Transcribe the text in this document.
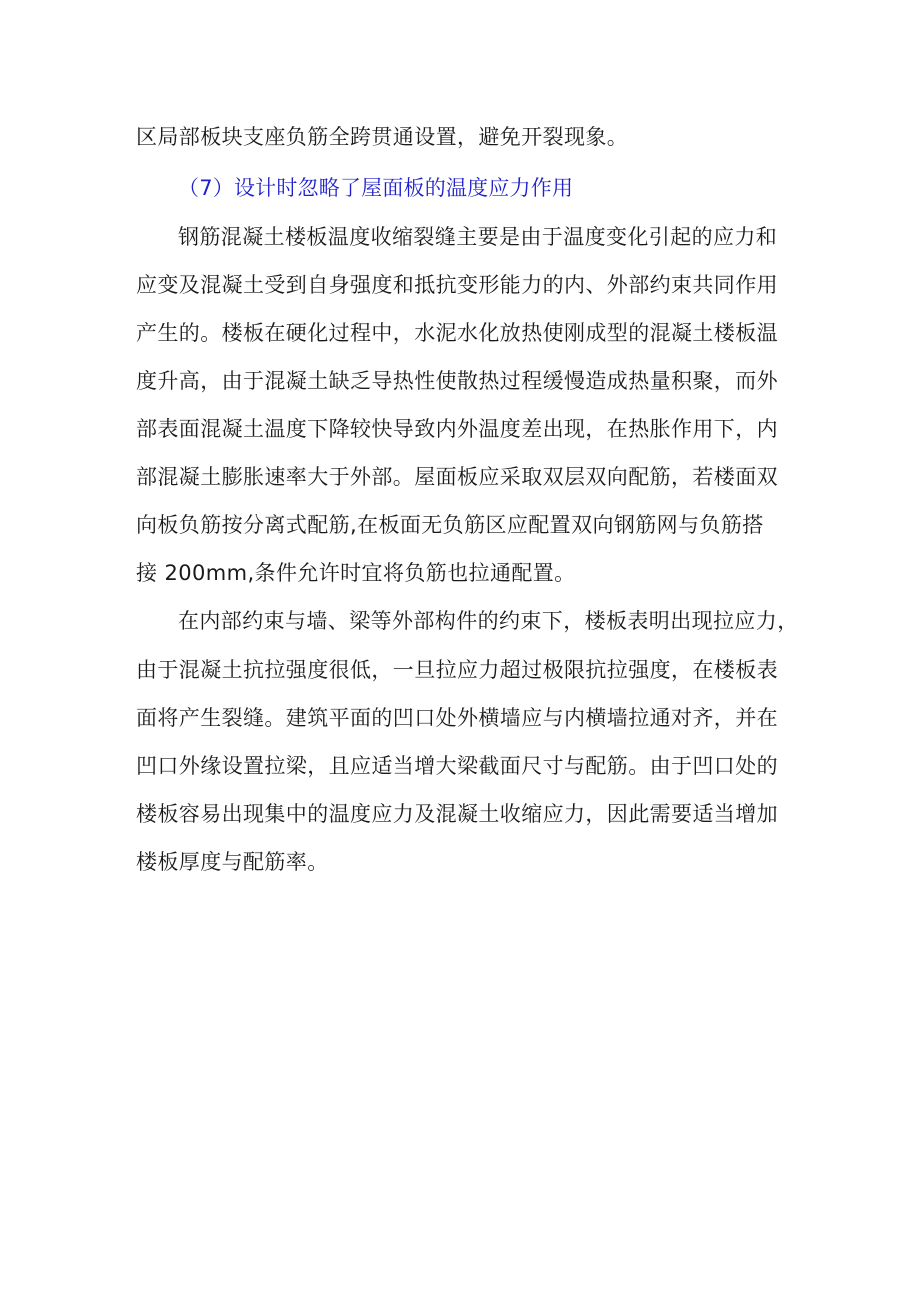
区局部板块支座负筋全跨贯通设置，避免开裂现象。
（7）设计时忽略了屋面板的温度应力作用
钢筋混凝土楼板温度收缩裂缝主要是由于温度变化引起的应力和
应变及混凝土受到自身强度和抵抗变形能力的内、外部约束共同作用
产生的。楼板在硬化过程中，水泥水化放热使刚成型的混凝土楼板温
度升高，由于混凝土缺乏导热性使散热过程缓慢造成热量积聚，而外
部表面混凝土温度下降较快导致内外温度差出现，在热胀作用下，内
部混凝土膨胀速率大于外部。屋面板应采取双层双向配筋，若楼面双
向板负筋按分离式配筋,在板面无负筋区应配置双向钢筋网与负筋搭
接 200mm,条件允许时宜将负筋也拉通配置。
在内部约束与墙、梁等外部构件的约束下，楼板表明出现拉应力，
由于混凝土抗拉强度很低，一旦拉应力超过极限抗拉强度，在楼板表
面将产生裂缝。建筑平面的凹口处外横墙应与内横墙拉通对齐，并在
凹口外缘设置拉梁，且应适当增大梁截面尺寸与配筋。由于凹口处的
楼板容易出现集中的温度应力及混凝土收缩应力，因此需要适当增加
楼板厚度与配筋率。
